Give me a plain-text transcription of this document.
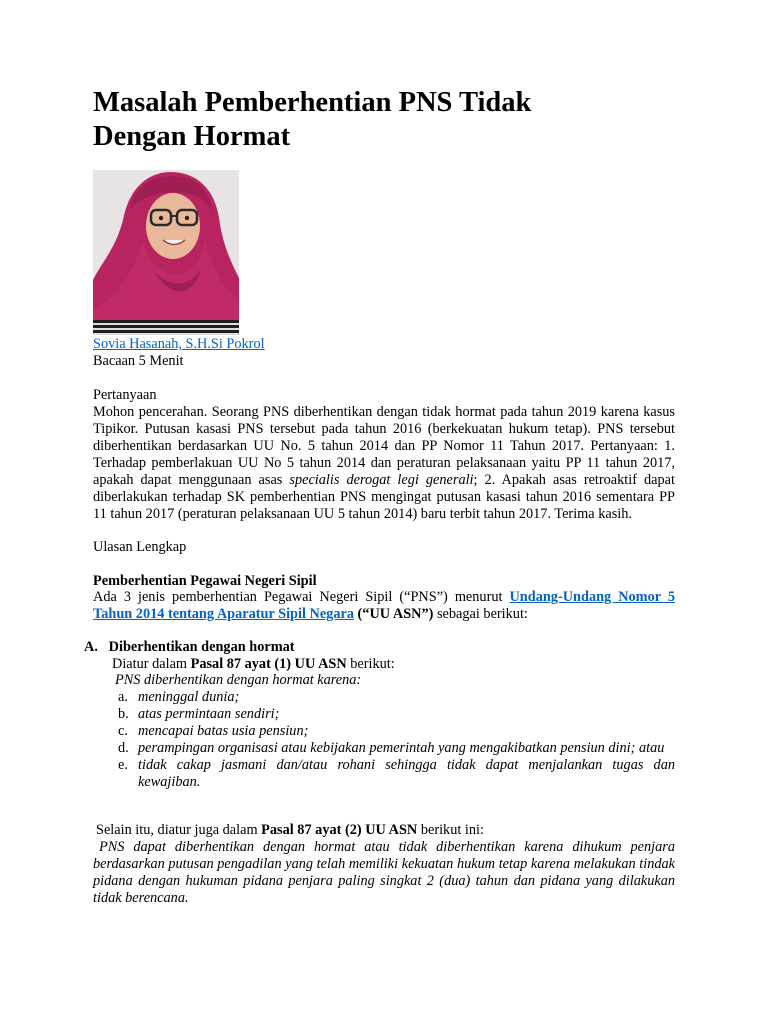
Masalah Pemberhentian PNS Tidak
Dengan Hormat

Sovia Hasanah, S.H.Si Pokrol

Bacaan 5 Menit

Pertanyaan

Mohon pencerahan. Seorang PNS diberhentikan dengan tidak hormat pada tahun 2019 karena kasus Tipikor. Putusan kasasi PNS tersebut pada tahun 2016 (berkekuatan hukum tetap). PNS tersebut diberhentikan berdasarkan UU No. 5 tahun 2014 dan PP Nomor 11 Tahun 2017. Pertanyaan: 1. Terhadap pemberlakuan UU No 5 tahun 2014 dan peraturan pelaksanaan yaitu PP 11 tahun 2017, apakah dapat menggunaan asas specialis derogat legi generali; 2. Apakah asas retroaktif dapat diberlakukan terhadap SK pemberhentian PNS mengingat putusan kasasi tahun 2016 sementara PP 11 tahun 2017 (peraturan pelaksanaan UU 5 tahun 2014) baru terbit tahun 2017. Terima kasih.

Ulasan Lengkap

Pemberhentian Pegawai Negeri Sipil

Ada 3 jenis pemberhentian Pegawai Negeri Sipil (“PNS”) menurut Undang-Undang Nomor 5 Tahun 2014 tentang Aparatur Sipil Negara (“UU ASN”) sebagai berikut:

A. Diberhentikan dengan hormat

Diatur dalam Pasal 87 ayat (1) UU ASN berikut:

PNS diberhentikan dengan hormat karena:

a. meninggal dunia;
b. atas permintaan sendiri;
c. mencapai batas usia pensiun;
d. perampingan organisasi atau kebijakan pemerintah yang mengakibatkan pensiun dini; atau
e. tidak cakap jasmani dan/atau rohani sehingga tidak dapat menjalankan tugas dan kewajiban.

Selain itu, diatur juga dalam Pasal 87 ayat (2) UU ASN berikut ini:

PNS dapat diberhentikan dengan hormat atau tidak diberhentikan karena dihukum penjara berdasarkan putusan pengadilan yang telah memiliki kekuatan hukum tetap karena melakukan tindak pidana dengan hukuman pidana penjara paling singkat 2 (dua) tahun dan pidana yang dilakukan tidak berencana.
